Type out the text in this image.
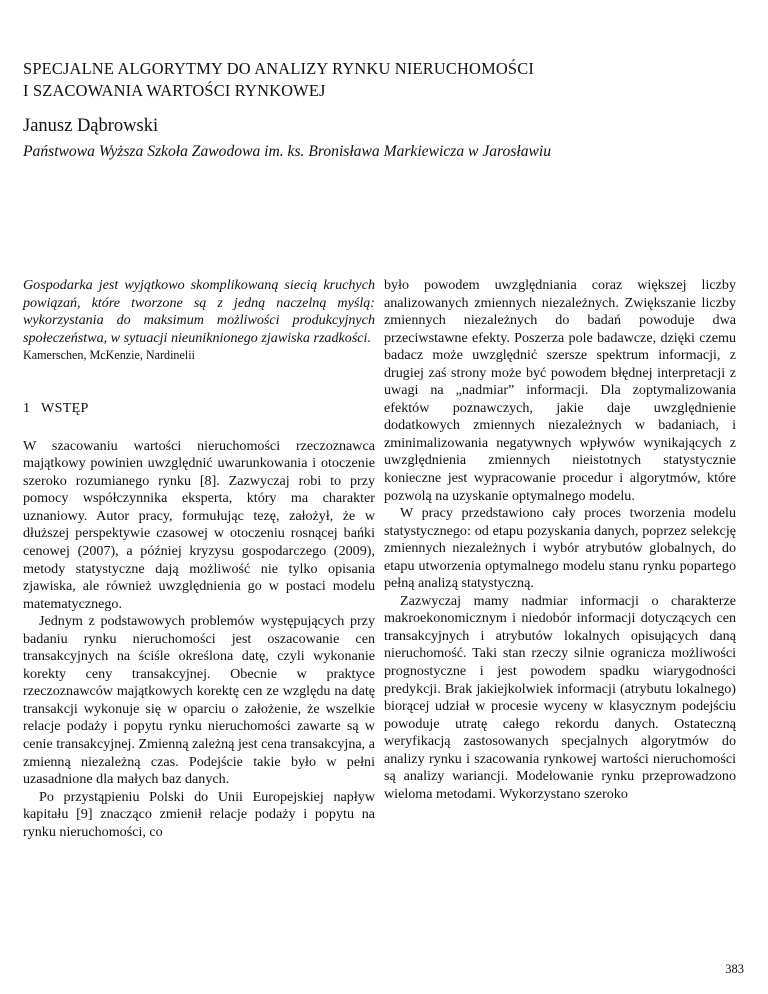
SPECJALNE ALGORYTMY DO ANALIZY RYNKU NIERUCHOMOŚCI
I SZACOWANIA WARTOŚCI RYNKOWEJ
Janusz Dąbrowski
Państwowa Wyższa Szkoła Zawodowa im. ks. Bronisława Markiewicza w Jarosławiu

Gospodarka jest wyjątkowo skomplikowaną siecią kruchych powiązań, które tworzone są z jedną naczelną myślą: wykorzystania do maksimum możliwości produkcyjnych społeczeństwa, w sytuacji nieuniknionego zjawiska rzadkości.

Kamerschen, McKenzie, Nardinelii

1 WSTĘP

W szacowaniu wartości nieruchomości rzeczoznawca majątkowy powinien uwzględnić uwarunkowania i otoczenie szeroko rozumianego rynku [8]. Zazwyczaj robi to przy pomocy współczynnika eksperta, który ma charakter uznaniowy. Autor pracy, formułując tezę, założył, że w dłuższej perspektywie czasowej w otoczeniu rosnącej bańki cenowej (2007), a później kryzysu gospodarczego (2009), metody statystyczne dają możliwość nie tylko opisania zjawiska, ale również uwzględnienia go w postaci modelu matematycznego.

Jednym z podstawowych problemów występujących przy badaniu rynku nieruchomości jest oszacowanie cen transakcyjnych na ściśle określona datę, czyli wykonanie korekty ceny transakcyjnej. Obecnie w praktyce rzeczoznawców majątkowych korektę cen ze względu na datę transakcji wykonuje się w oparciu o założenie, że wszelkie relacje podaży i popytu rynku nieruchomości zawarte są w cenie transakcyjnej. Zmienną zależną jest cena transakcyjna, a zmienną niezależną czas. Podejście takie było w pełni uzasadnione dla małych baz danych.

Po przystąpieniu Polski do Unii Europejskiej napływ kapitału [9] znacząco zmienił relacje podaży i popytu na rynku nieruchomości, co

było powodem uwzględniania coraz większej liczby analizowanych zmiennych niezależnych. Zwiększanie liczby zmiennych niezależnych do badań powoduje dwa przeciwstawne efekty. Poszerza pole badawcze, dzięki czemu badacz może uwzględnić szersze spektrum informacji, z drugiej zaś strony może być powodem błędnej interpretacji z uwagi na „nadmiar” informacji. Dla zoptymalizowania efektów poznawczych, jakie daje uwzględnienie dodatkowych zmiennych niezależnych w badaniach, i zminimalizowania negatywnych wpływów wynikających z uwzględnienia zmiennych nieistotnych statystycznie konieczne jest wypracowanie procedur i algorytmów, które pozwolą na uzyskanie optymalnego modelu.

W pracy przedstawiono cały proces tworzenia modelu statystycznego: od etapu pozyskania danych, poprzez selekcję zmiennych niezależnych i wybór atrybutów globalnych, do etapu utworzenia optymalnego modelu stanu rynku popartego pełną analizą statystyczną.

Zazwyczaj mamy nadmiar informacji o charakterze makroekonomicznym i niedobór informacji dotyczących cen transakcyjnych i atrybutów lokalnych opisujących daną nieruchomość. Taki stan rzeczy silnie ogranicza możliwości prognostyczne i jest powodem spadku wiarygodności predykcji. Brak jakiejkolwiek informacji (atrybutu lokalnego) biorącej udział w procesie wyceny w klasycznym podejściu powoduje utratę całego rekordu danych. Ostateczną weryfikacją zastosowanych specjalnych algorytmów do analizy rynku i szacowania rynkowej wartości nieruchomości są analizy wariancji. Modelowanie rynku przeprowadzono wieloma metodami. Wykorzystano szeroko

383
